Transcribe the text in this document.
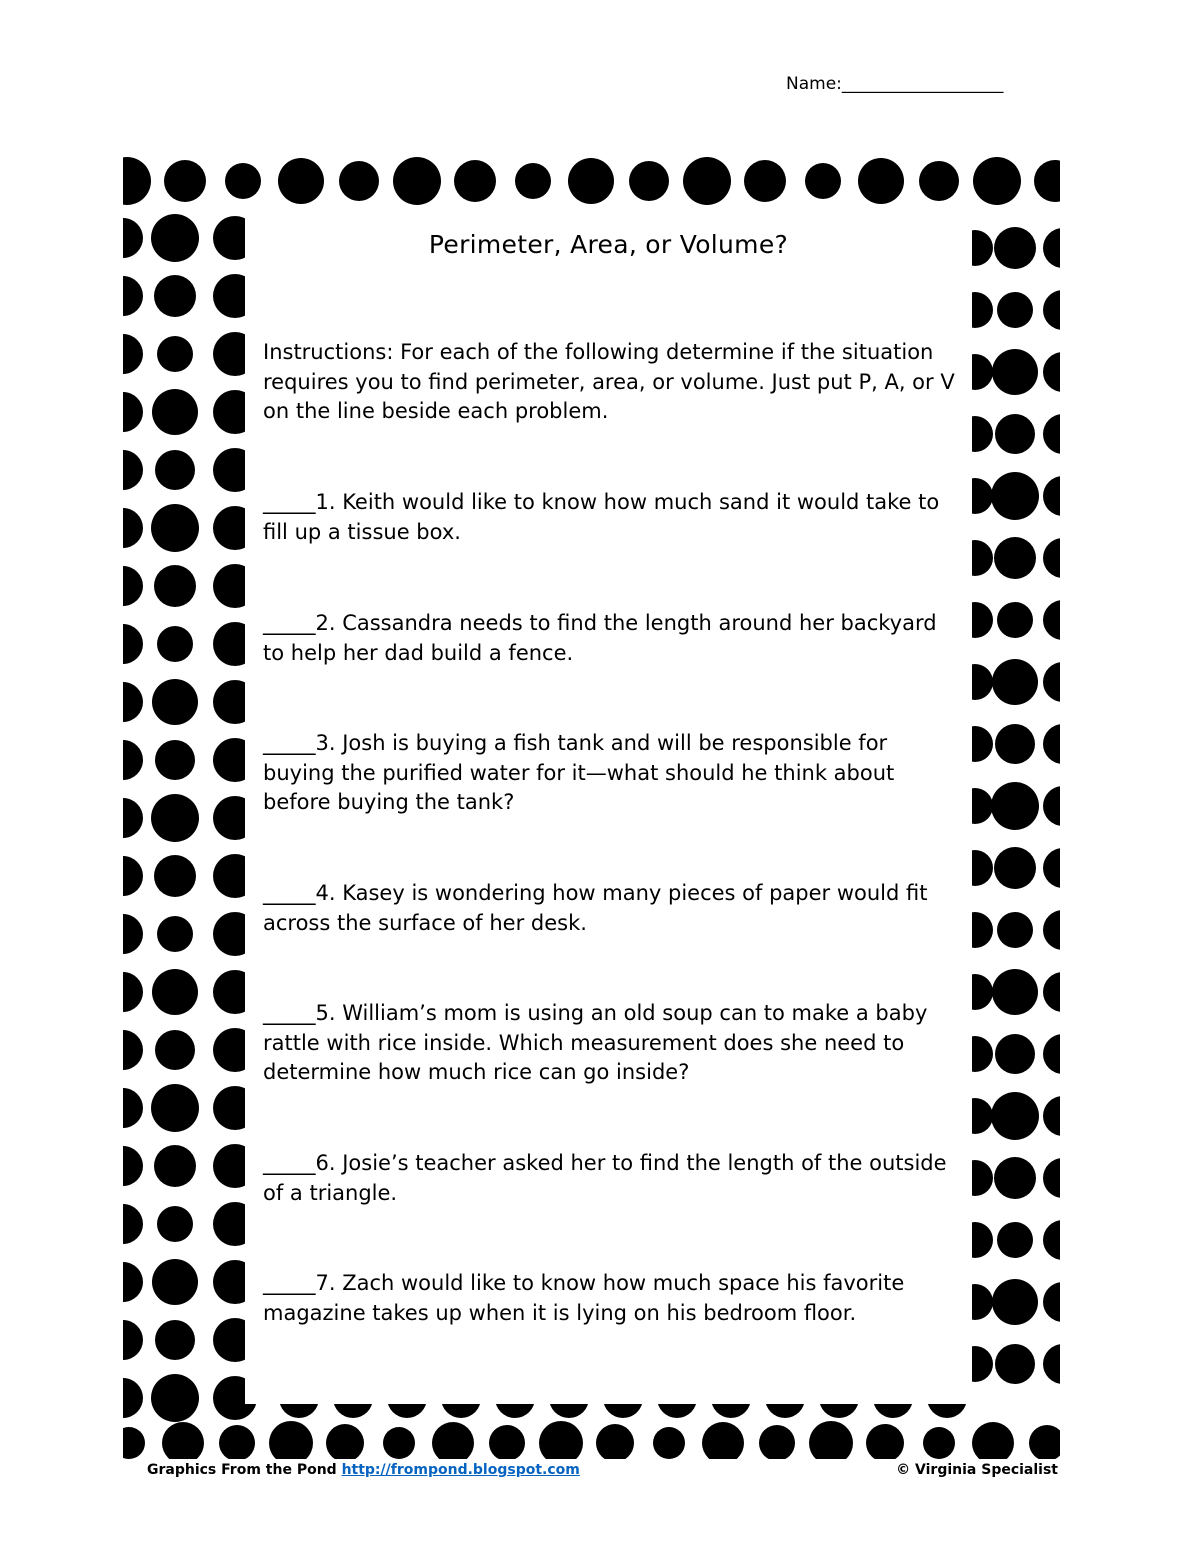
Name:___________________
Perimeter, Area, or Volume?
Instructions: For each of the following determine if the situation requires you to find perimeter, area, or volume. Just put P, A, or V on the line beside each problem.
_____1. Keith would like to know how much sand it would take to fill up a tissue box.
_____2. Cassandra needs to find the length around her backyard to help her dad build a fence.
_____3. Josh is buying a fish tank and will be responsible for buying the purified water for it—what should he think about before buying the tank?
_____4. Kasey is wondering how many pieces of paper would fit across the surface of her desk.
_____5. William’s mom is using an old soup can to make a baby rattle with rice inside. Which measurement does she need to determine how much rice can go inside?
_____6. Josie’s teacher asked her to find the length of the outside of a triangle.
_____7. Zach would like to know how much space his favorite magazine takes up when it is lying on his bedroom floor.
Graphics From the Pond http://frompond.blogspot.com	© Virginia Specialist
